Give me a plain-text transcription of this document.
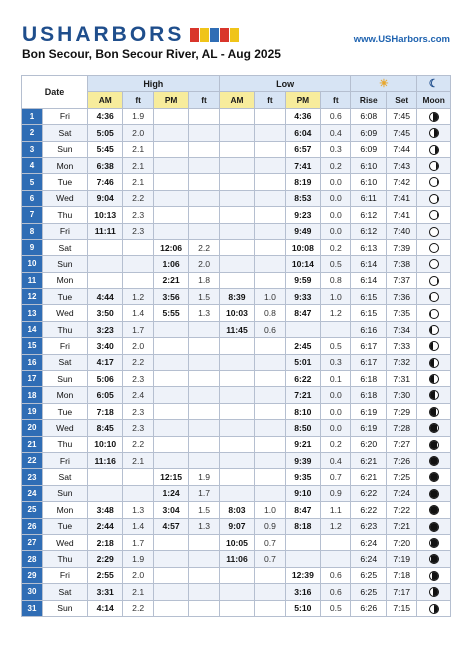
USHARBORS	www.USHarbors.com
Bon Secour, Bon Secour River, AL - Aug 2025
Date		High				Low				☀		☾
		AM	ft	PM	ft	AM	ft	PM	ft	Rise	Set	Moon
1	Fri	4:36	1.9					4:36	0.6	6:08	7:45	

2	Sat	5:05	2.0					6:04	0.4	6:09	7:45	

3	Sun	5:45	2.1					6:57	0.3	6:09	7:44	

4	Mon	6:38	2.1					7:41	0.2	6:10	7:43	

5	Tue	7:46	2.1					8:19	0.0	6:10	7:42	

6	Wed	9:04	2.2					8:53	0.0	6:11	7:41	

7	Thu	10:13	2.3					9:23	0.0	6:12	7:41	

8	Fri	11:11	2.3					9:49	0.0	6:12	7:40	

9	Sat			12:06	2.2			10:08	0.2	6:13	7:39	

10	Sun			1:06	2.0			10:14	0.5	6:14	7:38	

11	Mon			2:21	1.8			9:59	0.8	6:14	7:37	

12	Tue	4:44	1.2	3:56	1.5	8:39	1.0	9:33	1.0	6:15	7:36	

13	Wed	3:50	1.4	5:55	1.3	10:03	0.8	8:47	1.2	6:15	7:35	

14	Thu	3:23	1.7			11:45	0.6			6:16	7:34	

15	Fri	3:40	2.0					2:45	0.5	6:17	7:33	

16	Sat	4:17	2.2					5:01	0.3	6:17	7:32	

17	Sun	5:06	2.3					6:22	0.1	6:18	7:31	

18	Mon	6:05	2.4					7:21	0.0	6:18	7:30	

19	Tue	7:18	2.3					8:10	0.0	6:19	7:29	

20	Wed	8:45	2.3					8:50	0.0	6:19	7:28	

21	Thu	10:10	2.2					9:21	0.2	6:20	7:27	

22	Fri	11:16	2.1					9:39	0.4	6:21	7:26	

23	Sat			12:15	1.9			9:35	0.7	6:21	7:25	

24	Sun			1:24	1.7			9:10	0.9	6:22	7:24	

25	Mon	3:48	1.3	3:04	1.5	8:03	1.0	8:47	1.1	6:22	7:22	

26	Tue	2:44	1.4	4:57	1.3	9:07	0.9	8:18	1.2	6:23	7:21	

27	Wed	2:18	1.7			10:05	0.7			6:24	7:20	

28	Thu	2:29	1.9			11:06	0.7			6:24	7:19	

29	Fri	2:55	2.0					12:39	0.6	6:25	7:18	

30	Sat	3:31	2.1					3:16	0.6	6:25	7:17	

31	Sun	4:14	2.2					5:10	0.5	6:26	7:15	
